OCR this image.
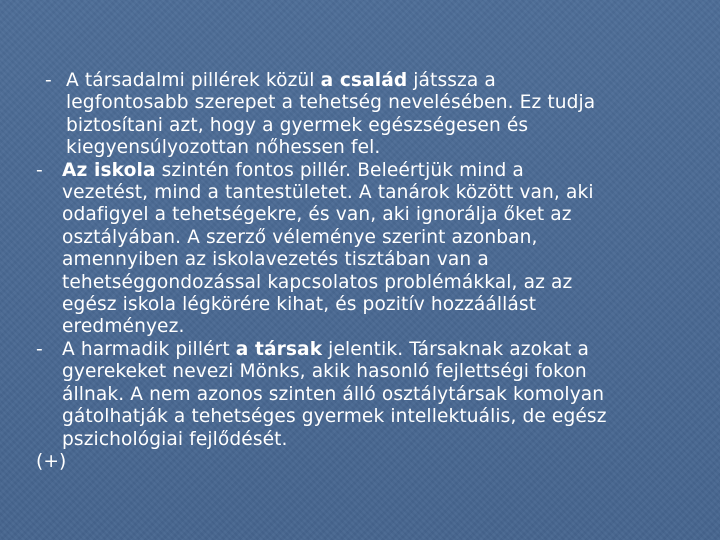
- A társadalmi pillérek közül a család játssza a
legfontosabb szerepet a tehetség nevelésében. Ez tudja
biztosítani azt, hogy a gyermek egészségesen és
kiegyensúlyozottan nőhessen fel.
- Az iskola szintén fontos pillér. Beleértjük mind a
vezetést, mind a tantestületet. A tanárok között van, aki
odafigyel a tehetségekre, és van, aki ignorálja őket az
osztályában. A szerző véleménye szerint azonban,
amennyiben az iskolavezetés tisztában van a
tehetséggondozással kapcsolatos problémákkal, az az
egész iskola légkörére kihat, és pozitív hozzáállást
eredményez.
- A harmadik pillért a társak jelentik. Társaknak azokat a
gyerekeket nevezi Mönks, akik hasonló fejlettségi fokon
állnak. A nem azonos szinten álló osztálytársak komolyan
gátolhatják a tehetséges gyermek intellektuális, de egész
pszichológiai fejlődését.
(+)
